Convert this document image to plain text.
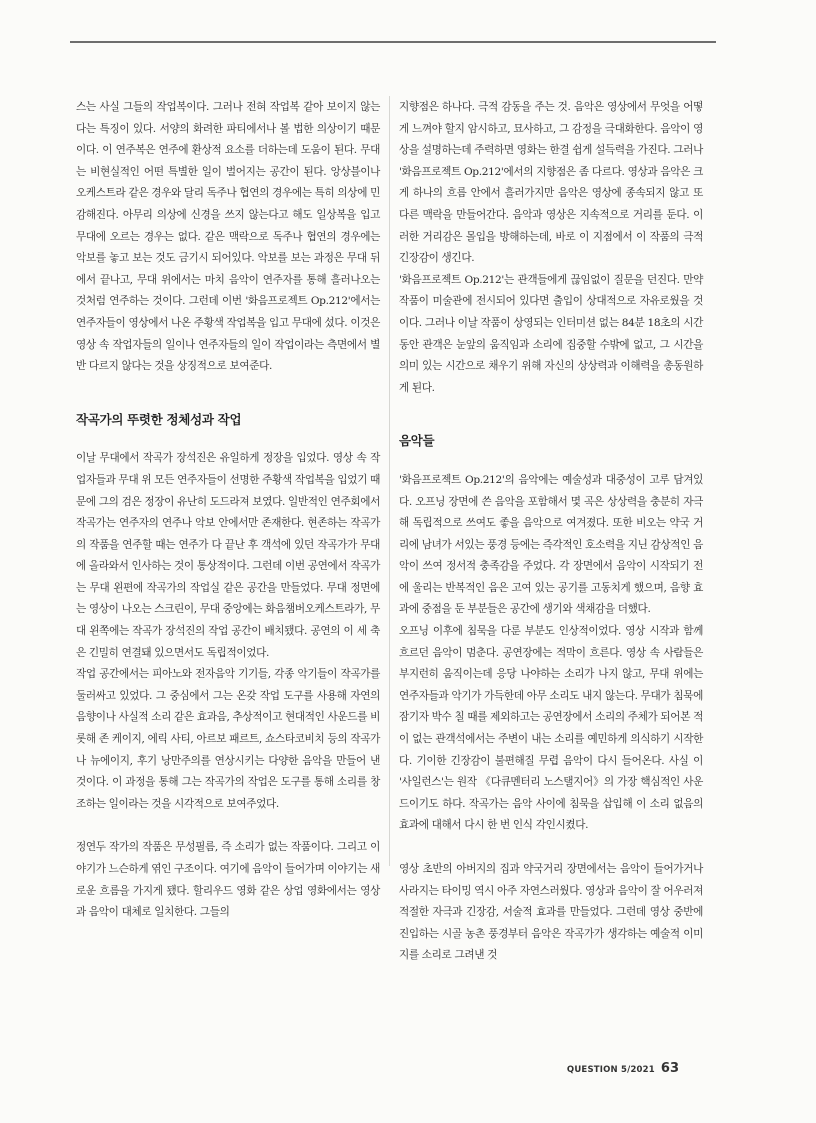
스는 사실 그들의 작업복이다. 그러나 전혀 작업복 같아 보이지 않는다는 특징이 있다. 서양의 화려한 파티에서나 볼 법한 의상이기 때문이다. 이 연주복은 연주에 환상적 요소를 더하는데 도움이 된다. 무대는 비현실적인 어떤 특별한 일이 벌어지는 공간이 된다. 앙상블이나 오케스트라 같은 경우와 달리 독주나 협연의 경우에는 특히 의상에 민감해진다. 아무리 의상에 신경을 쓰지 않는다고 해도 일상복을 입고 무대에 오르는 경우는 없다. 같은 맥락으로 독주나 협연의 경우에는 악보를 놓고 보는 것도 금기시 되어있다. 악보를 보는 과정은 무대 뒤에서 끝나고, 무대 위에서는 마치 음악이 연주자를 통해 흘러나오는 것처럼 연주하는 것이다. 그런데 이번 '화음프로젝트 Op.212'에서는 연주자들이 영상에서 나온 주황색 작업복을 입고 무대에 섰다. 이것은 영상 속 작업자들의 일이나 연주자들의 일이 작업이라는 측면에서 별반 다르지 않다는 것을 상징적으로 보여준다.

작곡가의 뚜렷한 정체성과 작업

이날 무대에서 작곡가 장석진은 유일하게 정장을 입었다. 영상 속 작업자들과 무대 위 모든 연주자들이 선명한 주황색 작업복을 입었기 때문에 그의 검은 정장이 유난히 도드라져 보였다. 일반적인 연주회에서 작곡가는 연주자의 연주나 악보 안에서만 존재한다. 현존하는 작곡가의 작품을 연주할 때는 연주가 다 끝난 후 객석에 있던 작곡가가 무대에 올라와서 인사하는 것이 통상적이다. 그런데 이번 공연에서 작곡가는 무대 왼편에 작곡가의 작업실 같은 공간을 만들었다. 무대 정면에는 영상이 나오는 스크린이, 무대 중앙에는 화음챔버오케스트라가, 무대 왼쪽에는 작곡가 장석진의 작업 공간이 배치됐다. 공연의 이 세 축은 긴밀히 연결돼 있으면서도 독립적이었다.

작업 공간에서는 피아노와 전자음악 기기들, 각종 악기들이 작곡가를 둘러싸고 있었다. 그 중심에서 그는 온갖 작업 도구를 사용해 자연의 음향이나 사실적 소리 같은 효과음, 추상적이고 현대적인 사운드를 비롯해 존 케이지, 에릭 사티, 아르보 패르트, 쇼스타코비치 등의 작곡가나 뉴에이지, 후기 낭만주의를 연상시키는 다양한 음악을 만들어 낸 것이다. 이 과정을 통해 그는 작곡가의 작업은 도구를 통해 소리를 창조하는 일이라는 것을 시각적으로 보여주었다.

정연두 작가의 작품은 무성필름, 즉 소리가 없는 작품이다. 그리고 이야기가 느슨하게 엮인 구조이다. 여기에 음악이 들어가며 이야기는 새로운 흐름을 가지게 됐다. 할리우드 영화 같은 상업 영화에서는 영상과 음악이 대체로 일치한다. 그들의

지향점은 하나다. 극적 감동을 주는 것. 음악은 영상에서 무엇을 어떻게 느껴야 할지 암시하고, 묘사하고, 그 감정을 극대화한다. 음악이 영상을 설명하는데 주력하면 영화는 한결 쉽게 설득력을 가진다. 그러나 '화음프로젝트 Op.212'에서의 지향점은 좀 다르다. 영상과 음악은 크게 하나의 흐름 안에서 흘러가지만 음악은 영상에 종속되지 않고 또 다른 맥락을 만들어간다. 음악과 영상은 지속적으로 거리를 둔다. 이러한 거리감은 몰입을 방해하는데, 바로 이 지점에서 이 작품의 극적 긴장감이 생긴다.

'화음프로젝트 Op.212'는 관객들에게 끊임없이 질문을 던진다. 만약 작품이 미술관에 전시되어 있다면 출입이 상대적으로 자유로웠을 것이다. 그러나 이날 작품이 상영되는 인터미션 없는 84분 18초의 시간 동안 관객은 눈앞의 움직임과 소리에 집중할 수밖에 없고, 그 시간을 의미 있는 시간으로 채우기 위해 자신의 상상력과 이해력을 총동원하게 된다.

음악들

'화음프로젝트 Op.212'의 음악에는 예술성과 대중성이 고루 담겨있다. 오프닝 장면에 쓴 음악을 포함해서 몇 곡은 상상력을 충분히 자극해 독립적으로 쓰여도 좋을 음악으로 여겨졌다. 또한 비오는 약국 거리에 남녀가 서있는 풍경 등에는 즉각적인 호소력을 지닌 감상적인 음악이 쓰여 정서적 충족감을 주었다. 각 장면에서 음악이 시작되기 전에 울리는 반복적인 음은 고여 있는 공기를 고동치게 했으며, 음향 효과에 중점을 둔 부분들은 공간에 생기와 색채감을 더했다.

오프닝 이후에 침묵을 다룬 부분도 인상적이었다. 영상 시작과 함께 흐르던 음악이 멈춘다. 공연장에는 적막이 흐른다. 영상 속 사람들은 부지런히 움직이는데 응당 나야하는 소리가 나지 않고, 무대 위에는 연주자들과 악기가 가득한데 아무 소리도 내지 않는다. 무대가 침묵에 잠기자 박수 칠 때를 제외하고는 공연장에서 소리의 주체가 되어본 적이 없는 관객석에서는 주변이 내는 소리를 예민하게 의식하기 시작한다. 기이한 긴장감이 불편해질 무렵 음악이 다시 들어온다. 사실 이 '사일런스'는 원작 《다큐멘터리 노스탤지어》의 가장 핵심적인 사운드이기도 하다. 작곡가는 음악 사이에 침묵을 삽입해 이 소리 없음의 효과에 대해서 다시 한 번 인식 각인시켰다.

영상 초반의 아버지의 집과 약국거리 장면에서는 음악이 들어가거나 사라지는 타이밍 역시 아주 자연스러웠다. 영상과 음악이 잘 어우러져 적절한 자극과 긴장감, 서술적 효과를 만들었다. 그런데 영상 중반에 진입하는 시골 농촌 풍경부터 음악은 작곡가가 생각하는 예술적 이미지를 소리로 그려낸 것

QUESTION 5/2021 63
